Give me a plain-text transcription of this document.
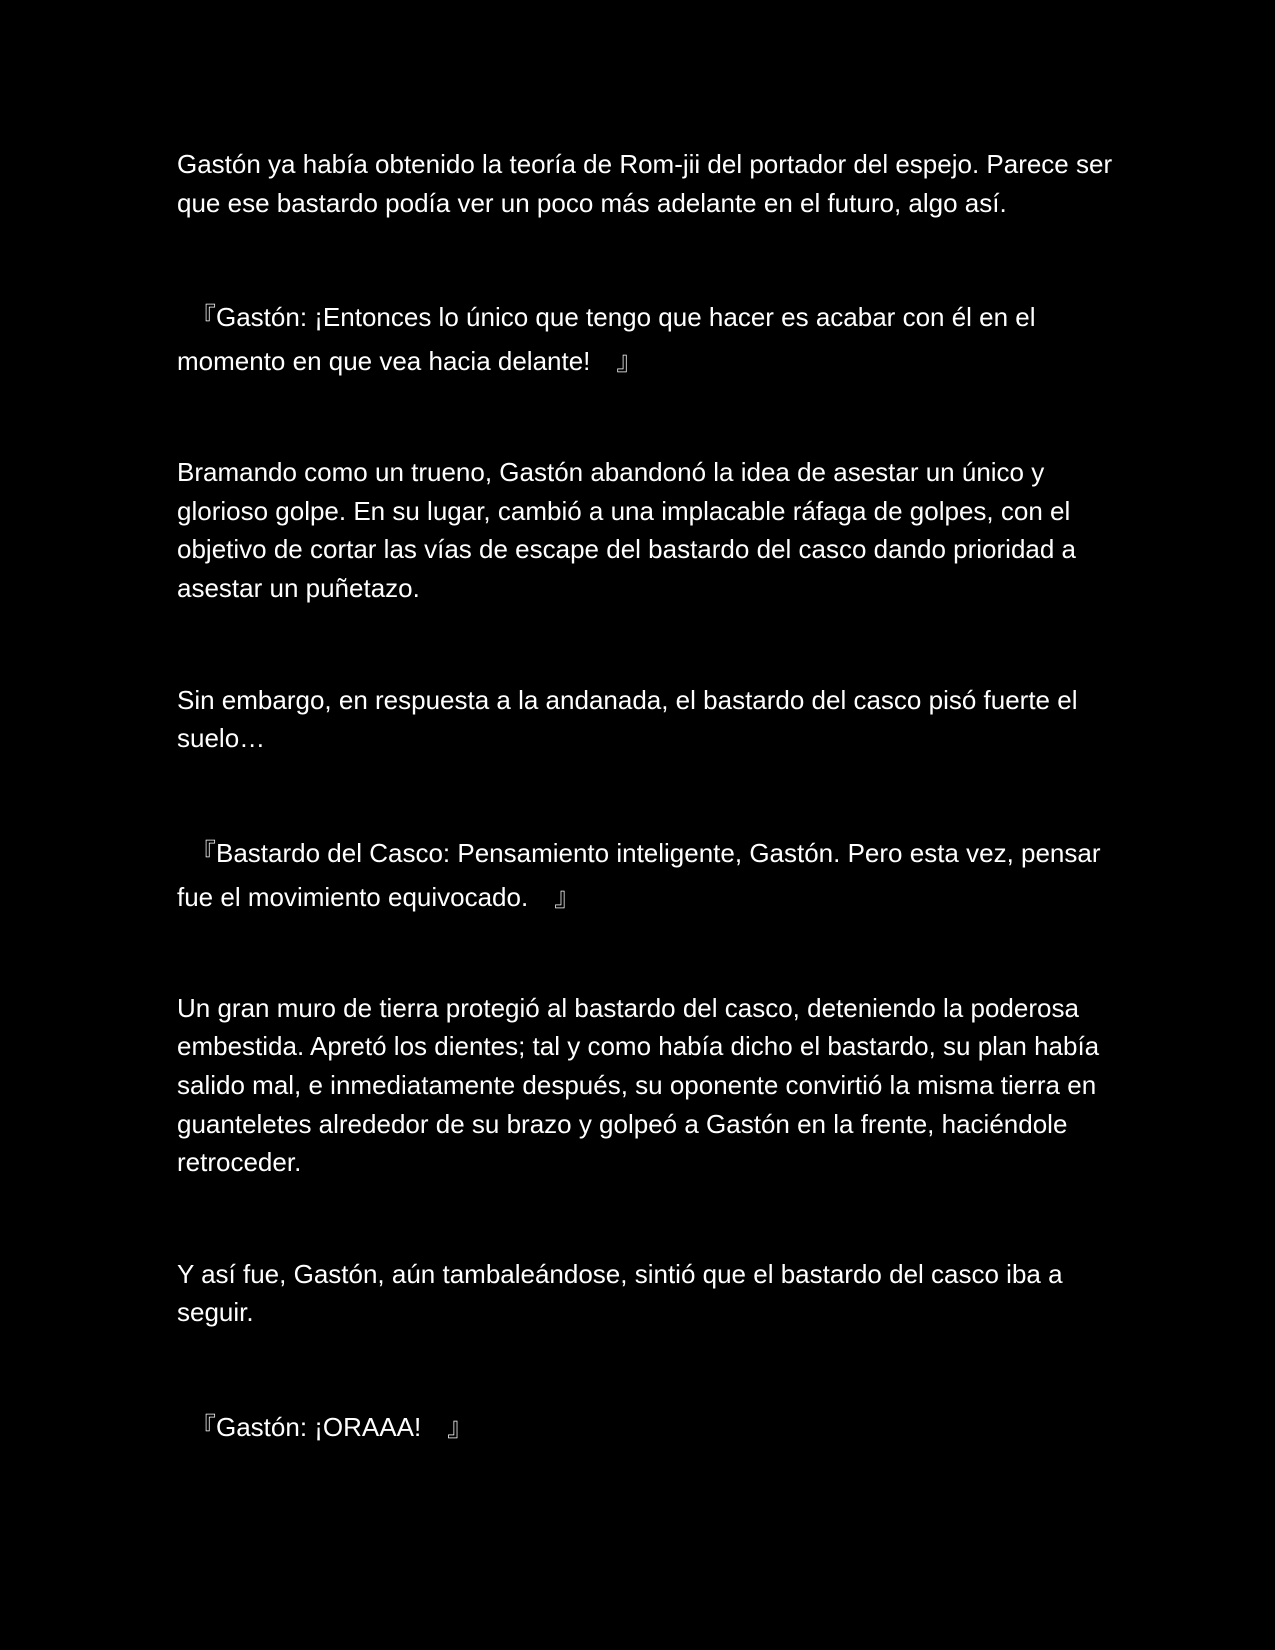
Gastón ya había obtenido la teoría de Rom-jii del portador del espejo. Parece ser que ese bastardo podía ver un poco más adelante en el futuro, algo así.

　『Gastón: ¡Entonces lo único que tengo que hacer es acabar con él en el momento en que vea hacia delante!　』

Bramando como un trueno, Gastón abandonó la idea de asestar un único y glorioso golpe. En su lugar, cambió a una implacable ráfaga de golpes, con el objetivo de cortar las vías de escape del bastardo del casco dando prioridad a asestar un puñetazo.

Sin embargo, en respuesta a la andanada, el bastardo del casco pisó fuerte el suelo…

　『Bastardo del Casco: Pensamiento inteligente, Gastón. Pero esta vez, pensar fue el movimiento equivocado.　』

Un gran muro de tierra protegió al bastardo del casco, deteniendo la poderosa embestida. Apretó los dientes; tal y como había dicho el bastardo, su plan había salido mal, e inmediatamente después, su oponente convirtió la misma tierra en guanteletes alrededor de su brazo y golpeó a Gastón en la frente, haciéndole retroceder.

Y así fue, Gastón, aún tambaleándose, sintió que el bastardo del casco iba a seguir.

　『Gastón: ¡ORAAA!　』
